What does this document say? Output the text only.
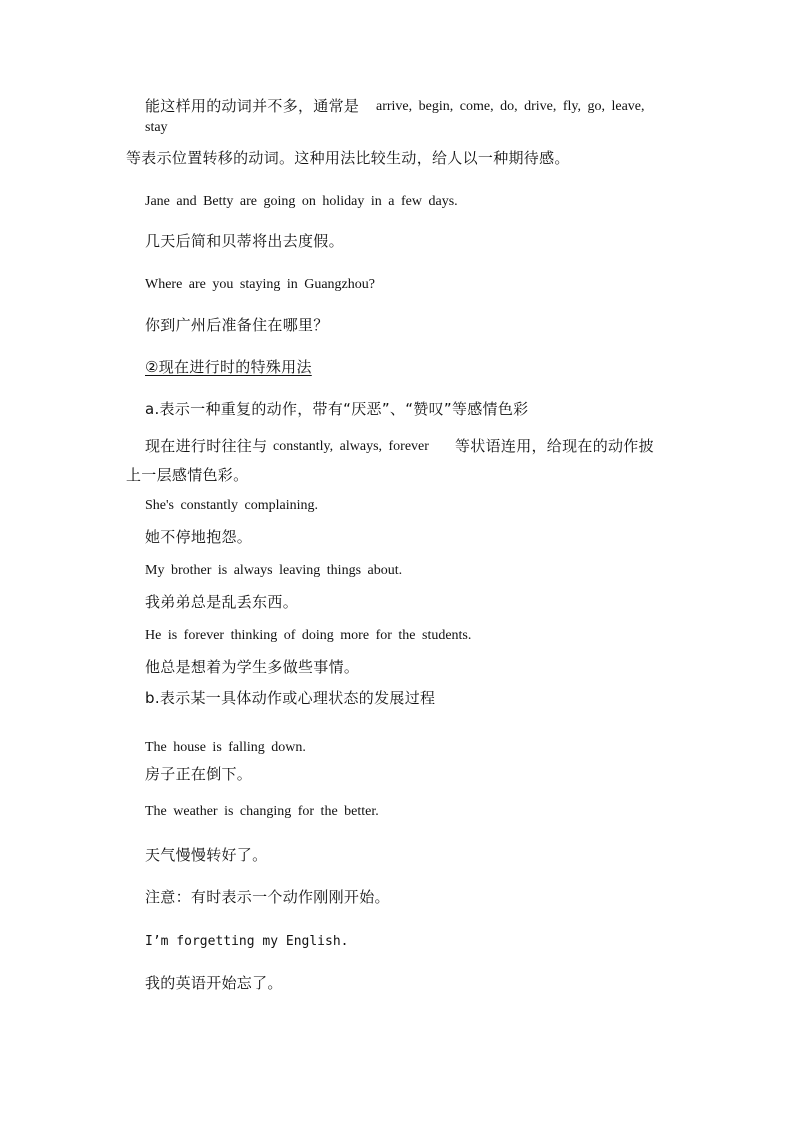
能这样用的动词并不多，通常是 arrive, begin, come, do, drive, fly, go, leave,
stay
等表示位置转移的动词。这种用法比较生动，给人以一种期待感。
Jane and Betty are going on holiday in a few days.
几天后简和贝蒂将出去度假。
Where are you staying in Guangzhou?
你到广州后准备住在哪里？
②现在进行时的特殊用法
a.表示一种重复的动作，带有“厌恶”、“赞叹”等感情色彩
现在进行时往往与 constantly, always, forever 等状语连用，给现在的动作披
上一层感情色彩。
She's constantly complaining.
她不停地抱怨。
My brother is always leaving things about.
我弟弟总是乱丢东西。
He is forever thinking of doing more for the students.
他总是想着为学生多做些事情。
b.表示某一具体动作或心理状态的发展过程
The house is falling down.
房子正在倒下。
The weather is changing for the better.
天气慢慢转好了。
注意：有时表示一个动作刚刚开始。
I’m forgetting my English.
我的英语开始忘了。
